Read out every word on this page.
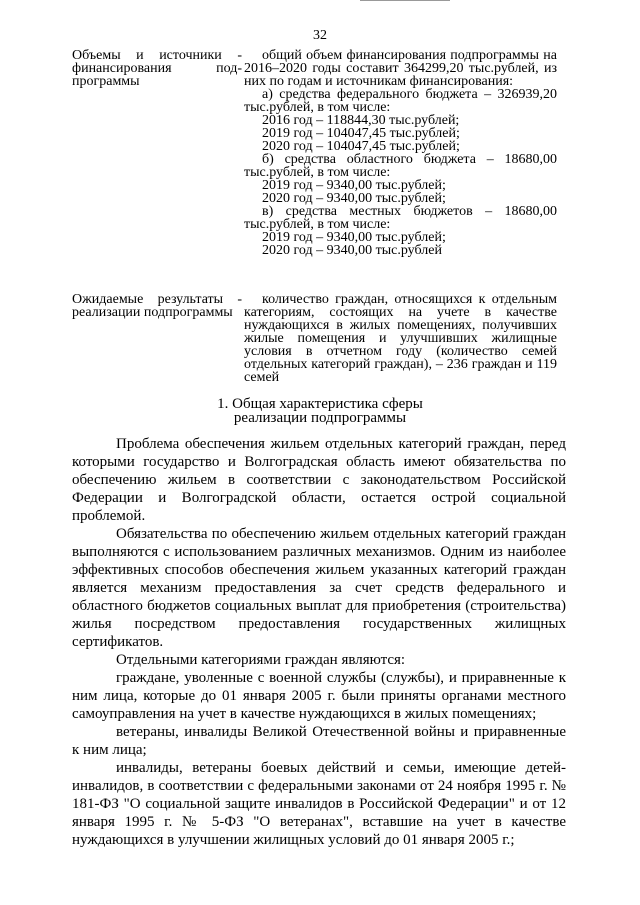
32
Объемы и источники - финансирования под-программы
общий объем финансирования подпрограммы на 2016–2020 годы составит 364299,20 тыс.рублей, из них по годам и источникам финансирования:
а) средства федерального бюджета – 326939,20 тыс.рублей, в том числе:
2016 год – 118844,30 тыс.рублей;
2019 год – 104047,45 тыс.рублей;
2020 год – 104047,45 тыс.рублей;
б) средства областного бюджета – 18680,00 тыс.рублей, в том числе:
2019 год – 9340,00 тыс.рублей;
2020 год – 9340,00 тыс.рублей;
в) средства местных бюджетов – 18680,00 тыс.рублей, в том числе:
2019 год – 9340,00 тыс.рублей;
2020 год – 9340,00 тыс.рублей
Ожидаемые результаты - реализации подпрограммы
количество граждан, относящихся к отдельным категориям, состоящих на учете в качестве нуждающихся в жилых помещениях, получивших жилые помещения и улучшивших жилищные условия в отчетном году (количество семей отдельных категорий граждан), – 236 граждан и 119 семей
1. Общая характеристика сферы реализации подпрограммы

Проблема обеспечения жильем отдельных категорий граждан, перед которыми государство и Волгоградская область имеют обязательства по обеспечению жильем в соответствии с законодательством Российской Федерации и Волгоградской области, остается острой социальной проблемой.

Обязательства по обеспечению жильем отдельных категорий граждан выполняются с использованием различных механизмов. Одним из наиболее эффективных способов обеспечения жильем указанных категорий граждан является механизм предоставления за счет средств федерального и областного бюджетов социальных выплат для приобретения (строительства) жилья посредством предоставления государственных жилищных сертификатов.

Отдельными категориями граждан являются:

граждане, уволенные с военной службы (службы), и приравненные к ним лица, которые до 01 января 2005 г. были приняты органами местного самоуправления на учет в качестве нуждающихся в жилых помещениях;

ветераны, инвалиды Великой Отечественной войны и приравненные к ним лица;

инвалиды, ветераны боевых действий и семьи, имеющие детей-инвалидов, в соответствии с федеральными законами от 24 ноября 1995 г. № 181-ФЗ "О социальной защите инвалидов в Российской Федерации" и от 12 января 1995 г. № 5-ФЗ "О ветеранах", вставшие на учет в качестве нуждающихся в улучшении жилищных условий до 01 января 2005 г.;
